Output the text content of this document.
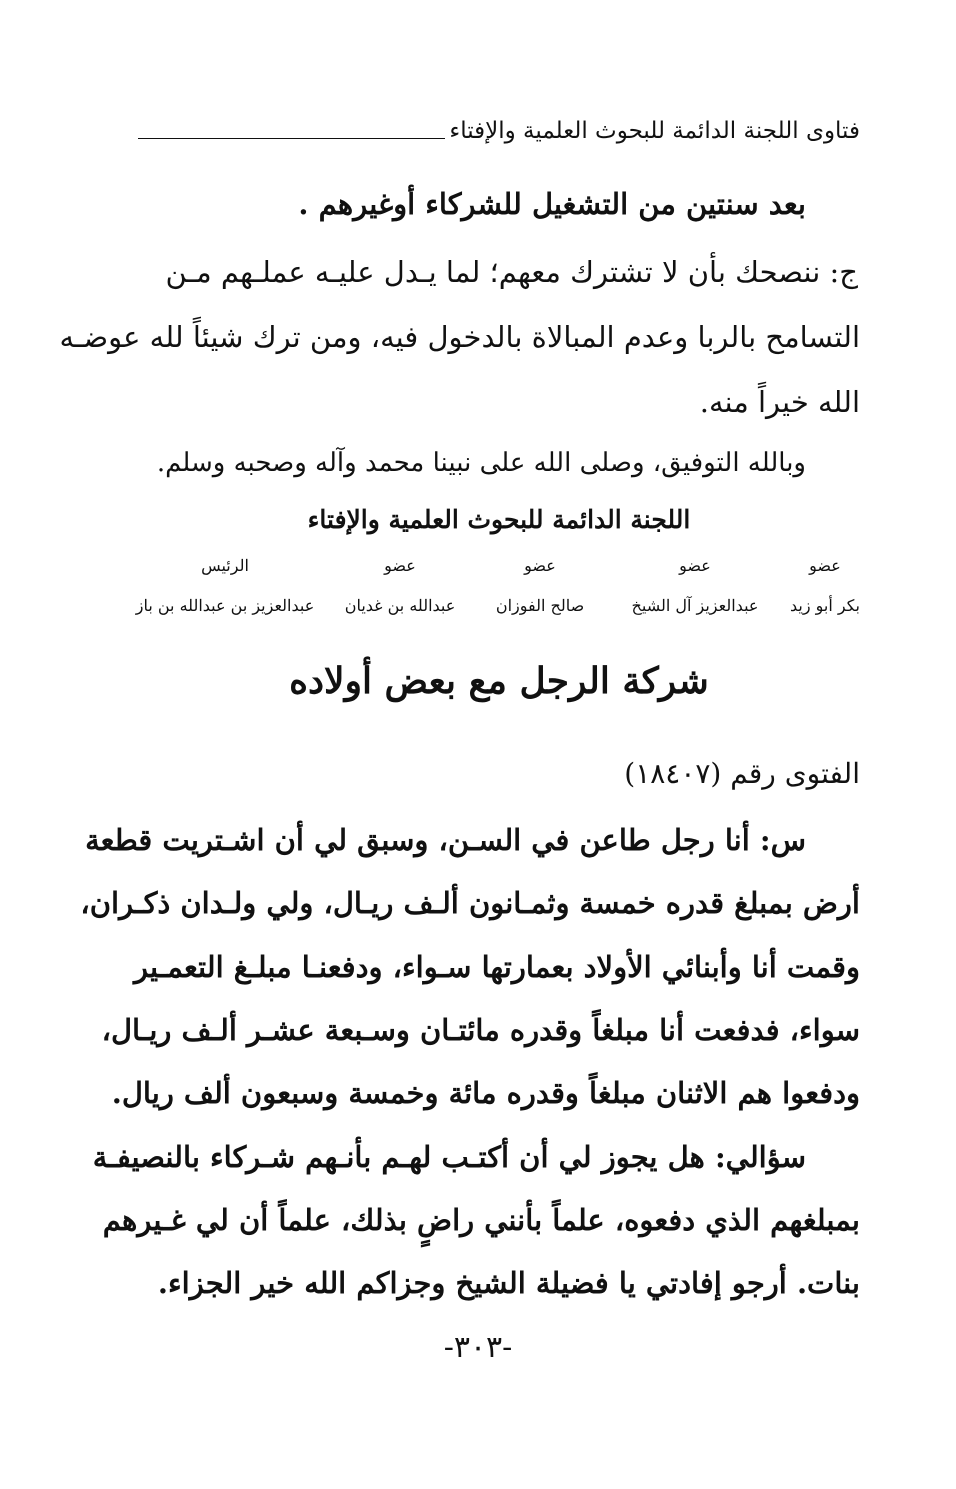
فتاوى اللجنة الدائمة للبحوث العلمية والإفتاء
بعد سنتين من التشغيل للشركاء أوغيرهم .
ج: ننصحك بأن لا تشترك معهم؛ لما يـدل عليـه عملـهم مـن
التسامح بالربا وعدم المبالاة بالدخول فيه، ومن ترك شيئاً لله عوضـه
الله خيراً منه.
وبالله التوفيق، وصلى الله على نبينا محمد وآله وصحبه وسلم.
اللجنة الدائمة للبحوث العلمية والإفتاء
عضو
عضو
عضو
عضو
الرئيس
بكر أبو زيد
عبدالعزيز آل الشيخ
صالح الفوزان
عبدالله بن غديان
عبدالعزيز بن عبدالله بن باز
شركة الرجل مع بعض أولاده
الفتوى رقم (١٨٤٠٧)
س: أنا رجل طاعن في السـن، وسبق لي أن اشـتريت قطعة
أرض بمبلغ قدره خمسة وثمـانون ألـف ريـال، ولي ولـدان ذكـران،
وقمت أنا وأبنائي الأولاد بعمارتها سـواء، ودفعنـا مبلـغ التعمـير
سواء، فدفعت أنا مبلغاً وقدره مائتـان وسـبعة عشـر ألـف ريـال،
ودفعوا هم الاثنان مبلغاً وقدره مائة وخمسة وسبعون ألف ريال.
سؤالي: هل يجوز لي أن أكتـب لهـم بأنـهم شـركاء بالنصيفـة
بمبلغهم الذي دفعوه، علماً بأنني راضٍ بذلك، علماً أن لي غـيرهم
بنات. أرجو إفادتي يا فضيلة الشيخ وجزاكم الله خير الجزاء.
-٣٠٣-
